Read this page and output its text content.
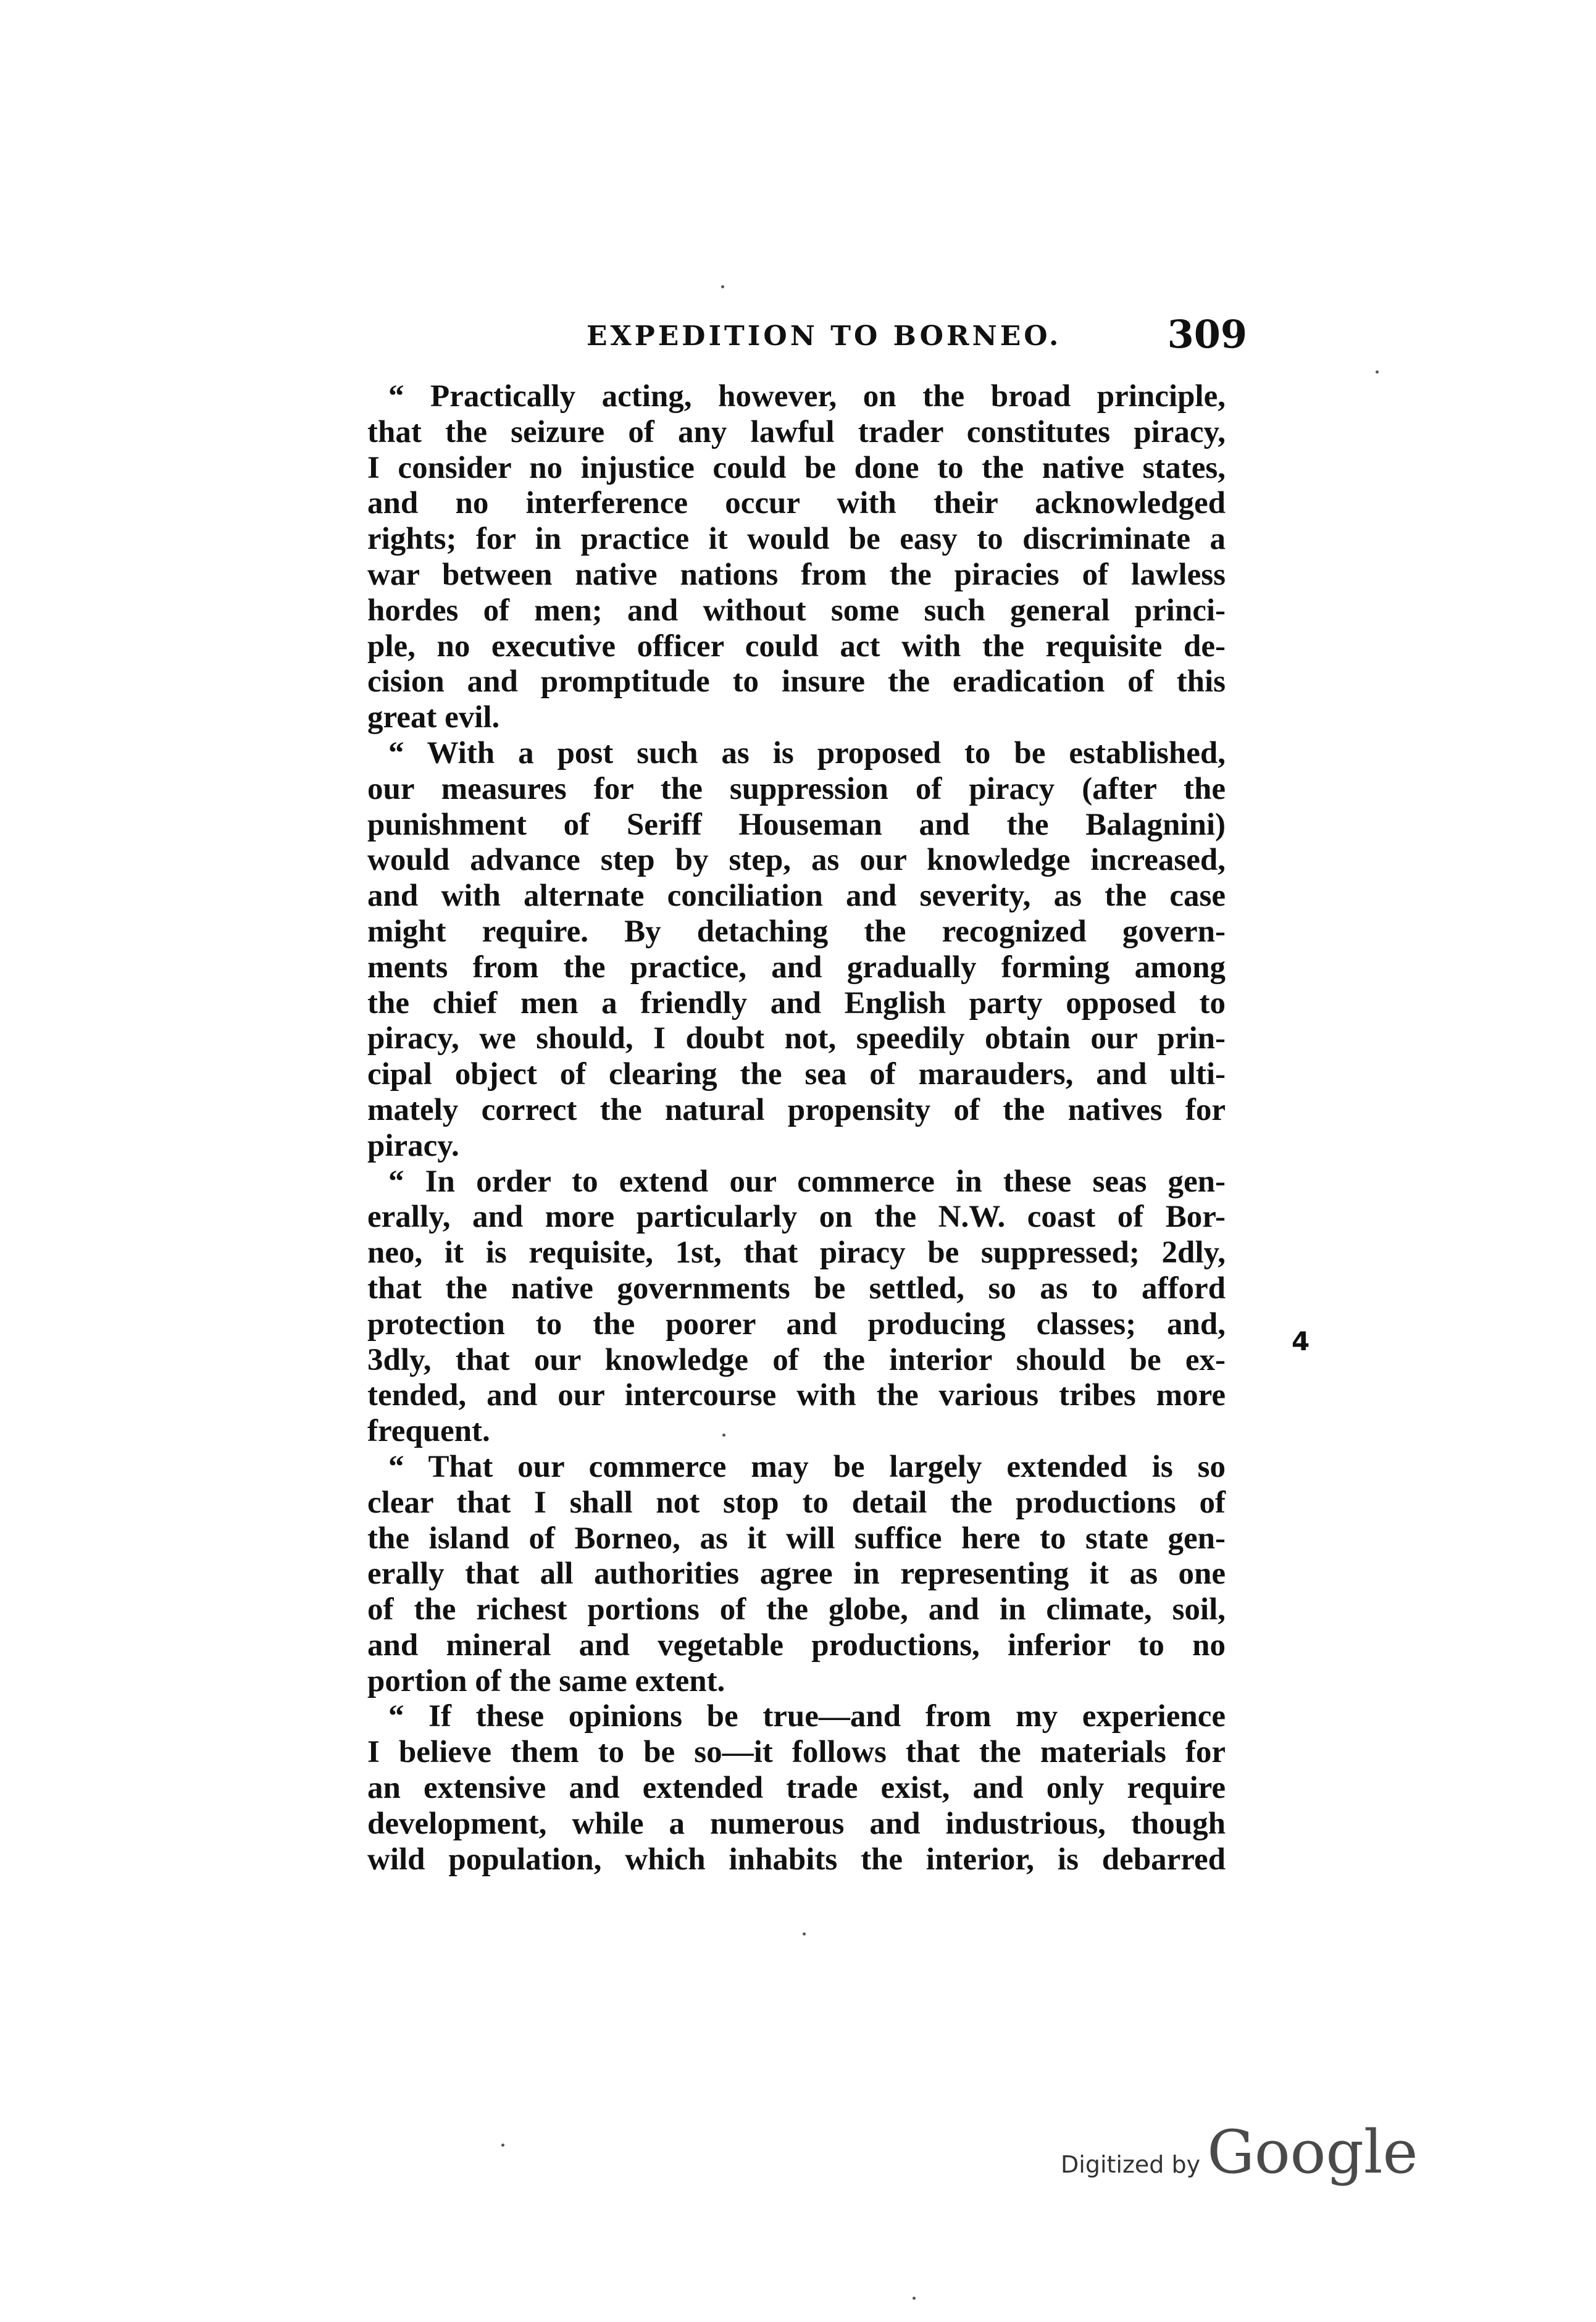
EXPEDITION TO BORNEO.	309
“ Practically acting, however, on the broad principle,
that the seizure of any lawful trader constitutes piracy,
I consider no injustice could be done to the native states,
and no interference occur with their acknowledged
rights; for in practice it would be easy to discriminate a
war between native nations from the piracies of lawless
hordes of men; and without some such general princi-
ple, no executive officer could act with the requisite de-
cision and promptitude to insure the eradication of this
great evil.
“ With a post such as is proposed to be established,
our measures for the suppression of piracy (after the
punishment of Seriff Houseman and the Balagnini)
would advance step by step, as our knowledge increased,
and with alternate conciliation and severity, as the case
might require. By detaching the recognized govern-
ments from the practice, and gradually forming among
the chief men a friendly and English party opposed to
piracy, we should, I doubt not, speedily obtain our prin-
cipal object of clearing the sea of marauders, and ulti-
mately correct the natural propensity of the natives for
piracy.
“ In order to extend our commerce in these seas gen-
erally, and more particularly on the N.W. coast of Bor-
neo, it is requisite, 1st, that piracy be suppressed; 2dly,
that the native governments be settled, so as to afford
protection to the poorer and producing classes; and,
3dly, that our knowledge of the interior should be ex-
tended, and our intercourse with the various tribes more
frequent.
“ That our commerce may be largely extended is so
clear that I shall not stop to detail the productions of
the island of Borneo, as it will suffice here to state gen-
erally that all authorities agree in representing it as one
of the richest portions of the globe, and in climate, soil,
and mineral and vegetable productions, inferior to no
portion of the same extent.
“ If these opinions be true—and from my experience
I believe them to be so—it follows that the materials for
an extensive and extended trade exist, and only require
development, while a numerous and industrious, though
wild population, which inhabits the interior, is debarred
4
Digitized by Google
